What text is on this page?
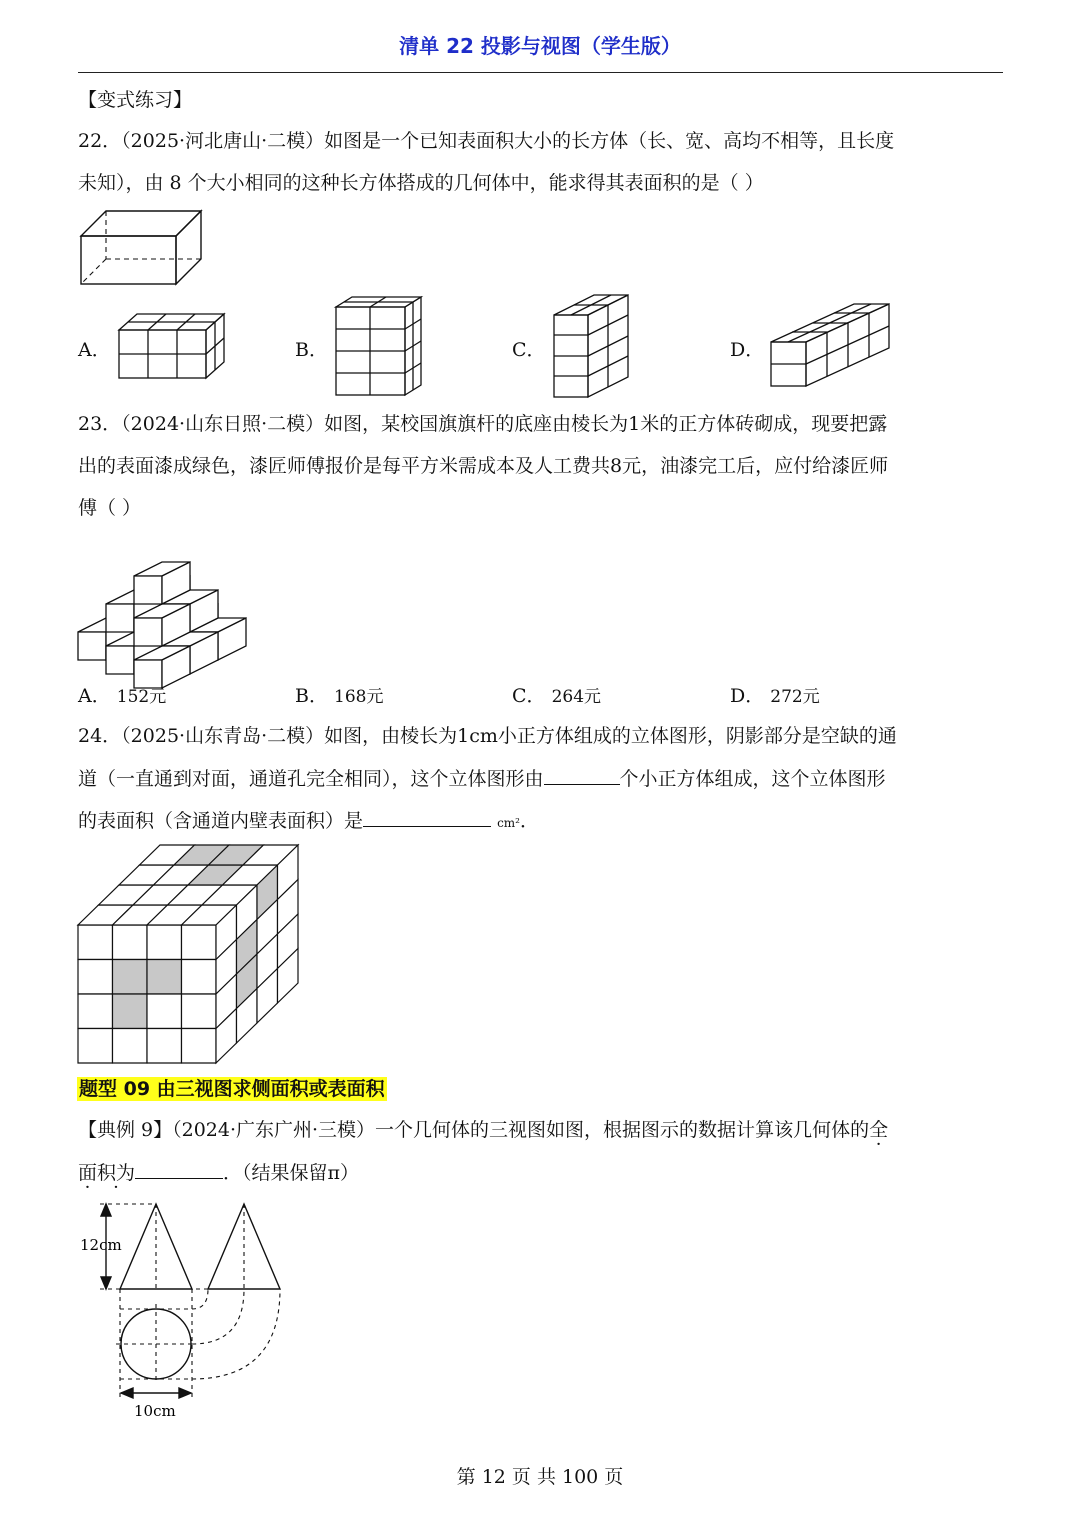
清单 22 投影与视图（学生版）
【变式练习】
22．（2025·河北唐山·二模）如图是一个已知表面积大小的长方体（长、宽、高均不相等，且长度
未知），由 8 个大小相同的这种长方体搭成的几何体中，能求得其表面积的是（ ）
A．	B．	C．	D．
23．（2024·山东日照·二模）如图，某校国旗旗杆的底座由棱长为1米的正方体砖砌成，现要把露
出的表面漆成绿色，漆匠师傅报价是每平方米需成本及人工费共8元，油漆完工后，应付给漆匠师
傅（ ）
A． 152元	B． 168元	C． 264元	D． 272元
24．（2025·山东青岛·二模）如图，由棱长为1cm小正方体组成的立体图形，阴影部分是空缺的通
道（一直通到对面，通道孔完全相同），这个立体图形由	个小正方体组成，这个立体图形
的表面积（含通道内壁表面积）是	cm²．
题型 09 由三视图求侧面积或表面积
【典例 9】（2024·广东广州·三模）一个几何体的三视图如图，根据图示的数据计算该几何体的全
面积为	．（结果保留π）
12cm
10cm
第 12 页 共 100 页
